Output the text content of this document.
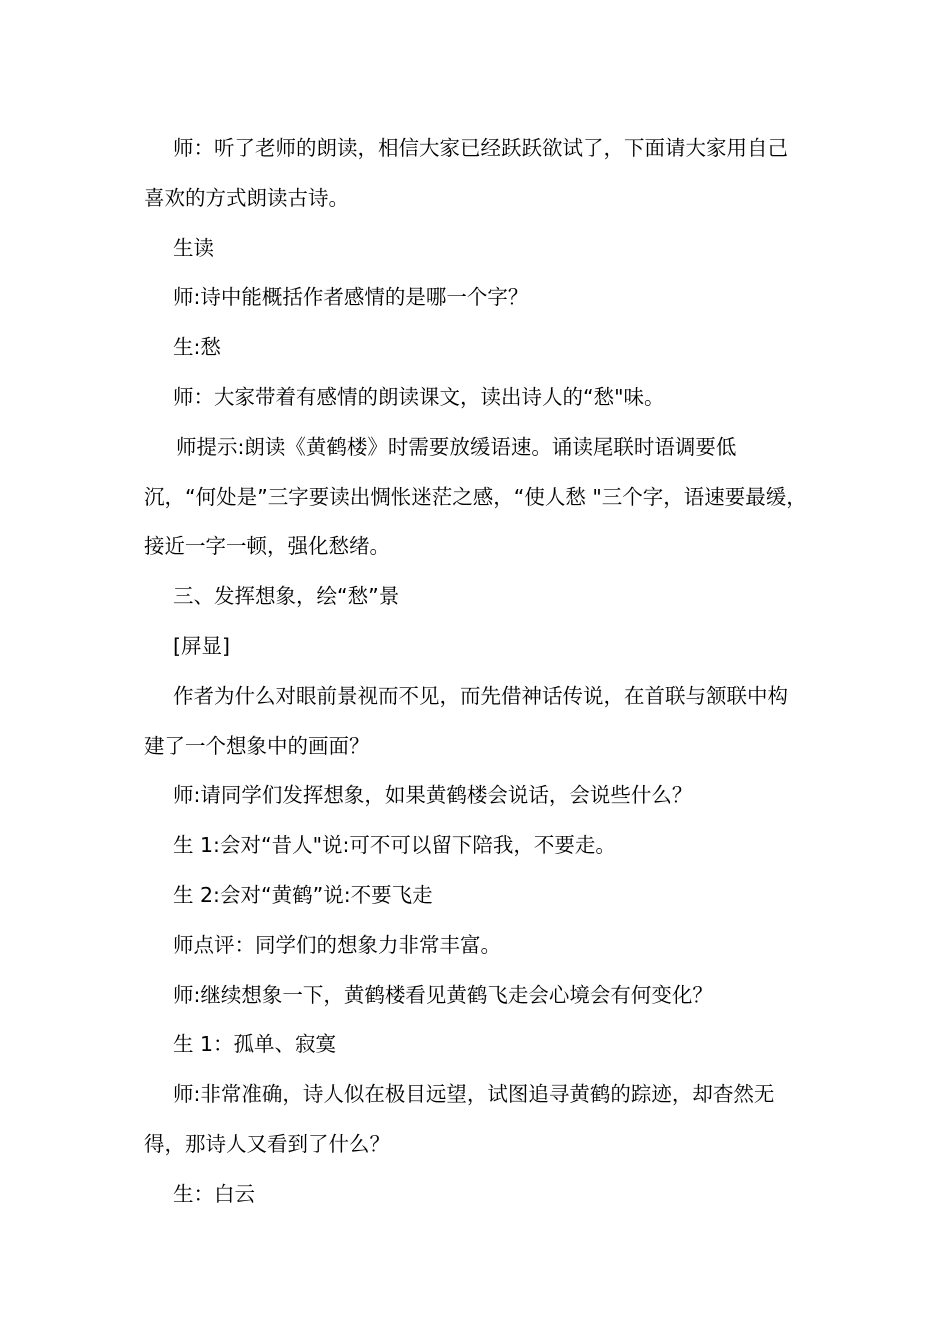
师：听了老师的朗读，相信大家已经跃跃欲试了，下面请大家用自己喜欢的方式朗读古诗。

生读

师:诗中能概括作者感情的是哪一个字？

生:愁

师：大家带着有感情的朗读课文，读出诗人的“愁"味。

师提示:朗读《黄鹤楼》时需要放缓语速。诵读尾联时语调要低沉，“何处是”三字要读出惆怅迷茫之感，“使人愁 "三个字，语速要最缓，接近一字一顿，强化愁绪。

三、发挥想象，绘“愁”景

[屏显]

作者为什么对眼前景视而不见，而先借神话传说，在首联与颔联中构建了一个想象中的画面？

师:请同学们发挥想象，如果黄鹤楼会说话，会说些什么？

生 1:会对“昔人"说:可不可以留下陪我，不要走。

生 2:会对“黄鹤”说:不要飞走

师点评：同学们的想象力非常丰富。

师:继续想象一下，黄鹤楼看见黄鹤飞走会心境会有何变化？

生 1：孤单、寂寞

师:非常准确，诗人似在极目远望，试图追寻黄鹤的踪迹，却杳然无得，那诗人又看到了什么？

生：白云
